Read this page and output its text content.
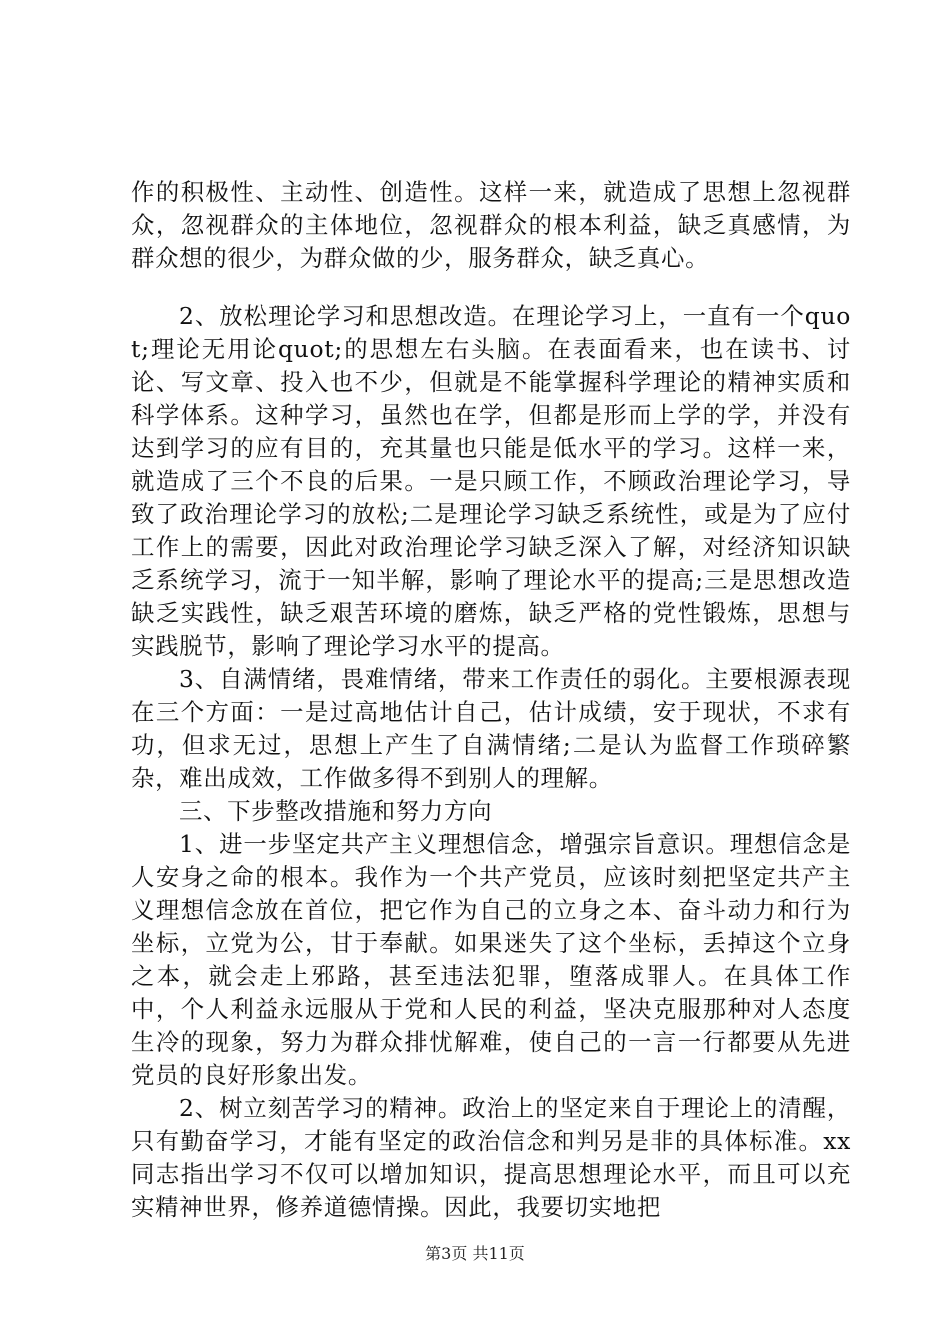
作的积极性、主动性、创造性。这样一来，就造成了思想上忽视群众，忽视群众的主体地位，忽视群众的根本利益，缺乏真感情，为群众想的很少，为群众做的少，服务群众，缺乏真心。

2、放松理论学习和思想改造。在理论学习上，一直有一个quot;理论无用论quot;的思想左右头脑。在表面看来，也在读书、讨论、写文章、投入也不少，但就是不能掌握科学理论的精神实质和科学体系。这种学习，虽然也在学，但都是形而上学的学，并没有达到学习的应有目的，充其量也只能是低水平的学习。这样一来，就造成了三个不良的后果。一是只顾工作，不顾政治理论学习，导致了政治理论学习的放松;二是理论学习缺乏系统性，或是为了应付工作上的需要，因此对政治理论学习缺乏深入了解，对经济知识缺乏系统学习，流于一知半解，影响了理论水平的提高;三是思想改造缺乏实践性，缺乏艰苦环境的磨炼，缺乏严格的党性锻炼，思想与实践脱节，影响了理论学习水平的提高。

3、自满情绪，畏难情绪，带来工作责任的弱化。主要根源表现在三个方面：一是过高地估计自己，估计成绩，安于现状，不求有功，但求无过，思想上产生了自满情绪;二是认为监督工作琐碎繁杂，难出成效，工作做多得不到别人的理解。

三、下步整改措施和努力方向

1、进一步坚定共产主义理想信念，增强宗旨意识。理想信念是人安身之命的根本。我作为一个共产党员，应该时刻把坚定共产主义理想信念放在首位，把它作为自己的立身之本、奋斗动力和行为坐标，立党为公，甘于奉献。如果迷失了这个坐标，丢掉这个立身之本，就会走上邪路，甚至违法犯罪，堕落成罪人。在具体工作中，个人利益永远服从于党和人民的利益，坚决克服那种对人态度生冷的现象，努力为群众排忧解难，使自己的一言一行都要从先进党员的良好形象出发。

2、树立刻苦学习的精神。政治上的坚定来自于理论上的清醒，只有勤奋学习，才能有坚定的政治信念和判另是非的具体标准。xx同志指出学习不仅可以增加知识，提高思想理论水平，而且可以充实精神世界，修养道德情操。因此，我要切实地把

第3页 共11页
